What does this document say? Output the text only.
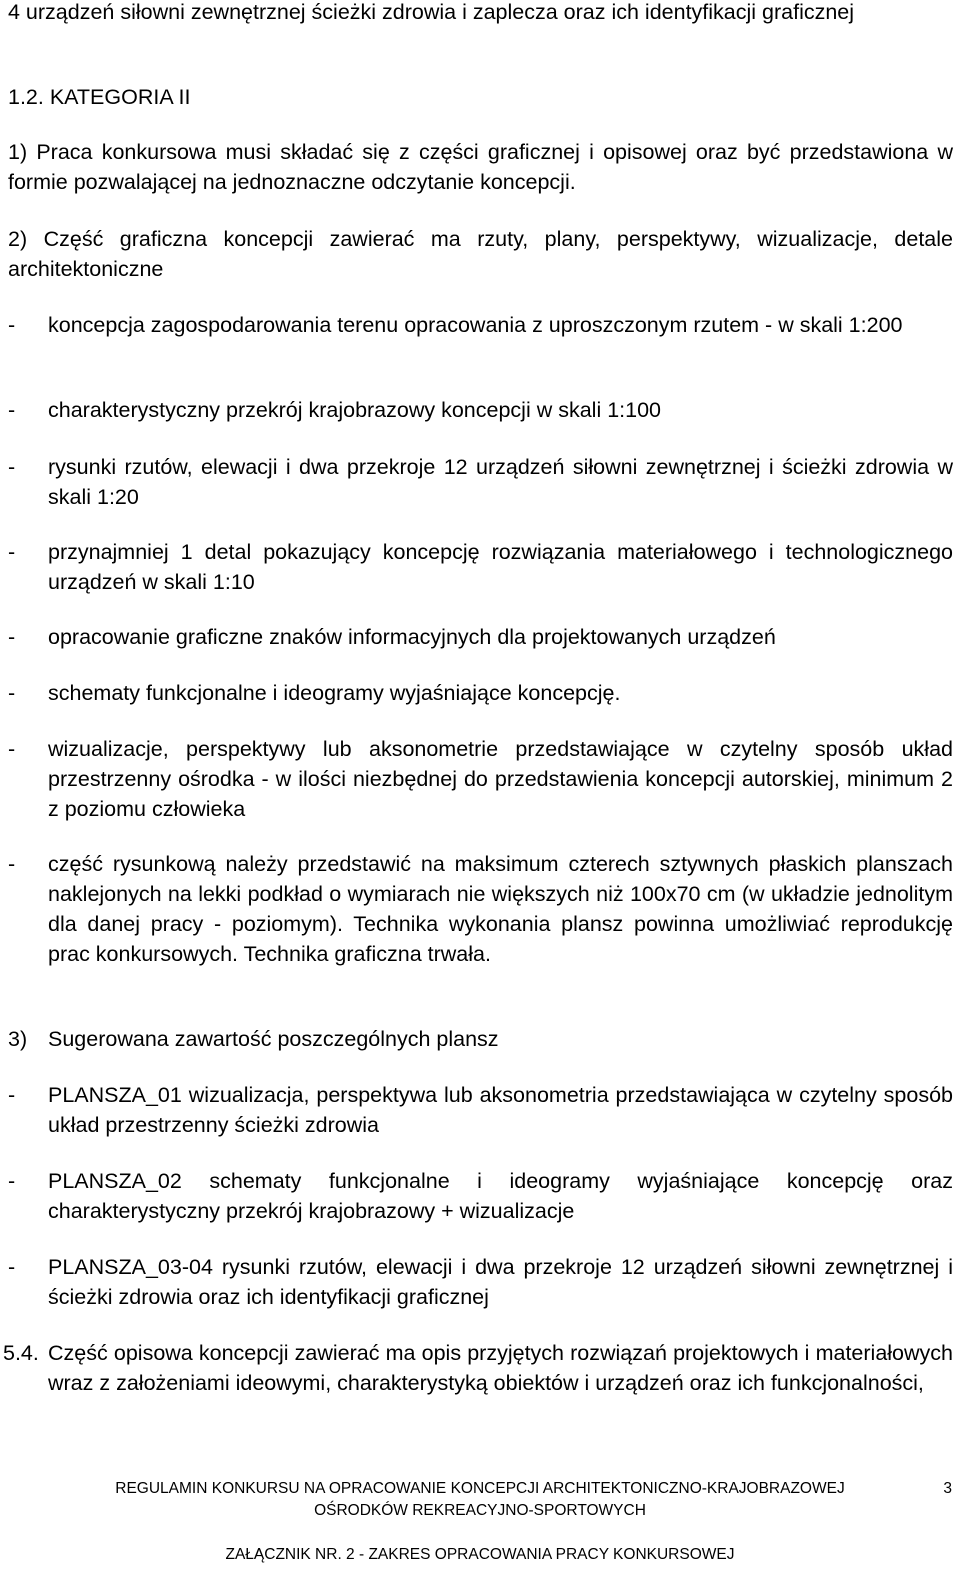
4 urządzeń siłowni zewnętrznej ścieżki zdrowia i zaplecza oraz ich identyfikacji graficznej
1.2. KATEGORIA II
1) Praca konkursowa musi składać się z części graficznej i opisowej oraz być przedstawiona w formie pozwalającej na jednoznaczne odczytanie koncepcji.
2) Część graficzna koncepcji zawierać ma rzuty, plany, perspektywy, wizualizacje, detale architektoniczne
- koncepcja zagospodarowania terenu opracowania z uproszczonym rzutem - w skali 1:200
- charakterystyczny przekrój krajobrazowy koncepcji w skali 1:100
- rysunki rzutów, elewacji i dwa przekroje 12 urządzeń siłowni zewnętrznej i ścieżki zdrowia w skali 1:20
- przynajmniej 1 detal pokazujący koncepcję rozwiązania materiałowego i technologicznego urządzeń w skali 1:10
- opracowanie graficzne znaków informacyjnych dla projektowanych urządzeń
- schematy funkcjonalne i ideogramy wyjaśniające koncepcję.
- wizualizacje, perspektywy lub aksonometrie przedstawiające w czytelny sposób układ przestrzenny ośrodka - w ilości niezbędnej do przedstawienia koncepcji autorskiej, minimum 2 z poziomu człowieka
- część rysunkową należy przedstawić na maksimum czterech sztywnych płaskich planszach naklejonych na lekki podkład o wymiarach nie większych niż 100x70 cm (w układzie jednolitym dla danej pracy - poziomym). Technika wykonania plansz powinna umożliwiać reprodukcję prac konkursowych. Technika graficzna trwała.
3) Sugerowana zawartość poszczególnych plansz
- PLANSZA_01 wizualizacja, perspektywa lub aksonometria przedstawiająca w czytelny sposób układ przestrzenny ścieżki zdrowia
- PLANSZA_02 schematy funkcjonalne i ideogramy wyjaśniające koncepcję oraz charakterystyczny przekrój krajobrazowy + wizualizacje
- PLANSZA_03-04 rysunki rzutów, elewacji i dwa przekroje 12 urządzeń siłowni zewnętrznej i ścieżki zdrowia oraz ich identyfikacji graficznej
5.4. Część opisowa koncepcji zawierać ma opis przyjętych rozwiązań projektowych i materiałowych wraz z założeniami ideowymi, charakterystyką obiektów i urządzeń oraz ich funkcjonalności,
REGULAMIN KONKURSU NA OPRACOWANIE KONCEPCJI ARCHITEKTONICZNO-KRAJOBRAZOWEJ	3
OŚRODKÓW REKREACYJNO-SPORTOWYCH
ZAŁĄCZNIK NR. 2 - ZAKRES OPRACOWANIA PRACY KONKURSOWEJ
